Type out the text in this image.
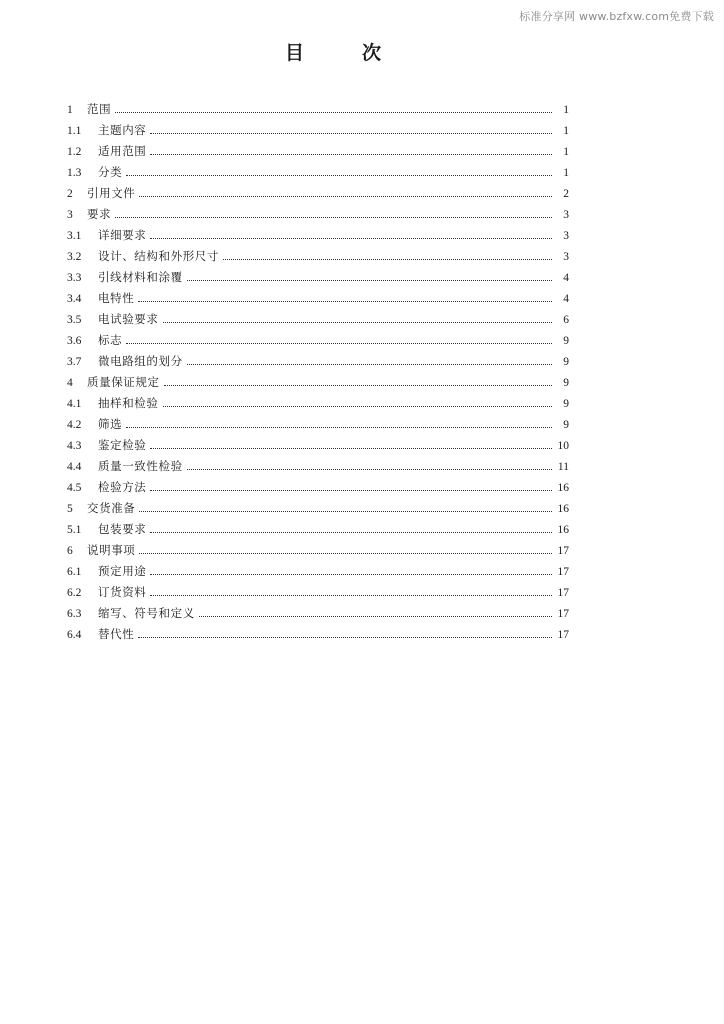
标准分享网 www.bzfxw.com免费下载
目次
1	范围	1
1.1	主题内容	1
1.2	适用范围	1
1.3	分类	1
2	引用文件	2
3	要求	3
3.1	详细要求	3
3.2	设计、结构和外形尺寸	3
3.3	引线材料和涂覆	4
3.4	电特性	4
3.5	电试验要求	6
3.6	标志	9
3.7	微电路组的划分	9
4	质量保证规定	9
4.1	抽样和检验	9
4.2	筛选	9
4.3	鉴定检验	10
4.4	质量一致性检验	11
4.5	检验方法	16
5	交货准备	16
5.1	包装要求	16
6	说明事项	17
6.1	预定用途	17
6.2	订货资料	17
6.3	缩写、符号和定义	17
6.4	替代性	17
